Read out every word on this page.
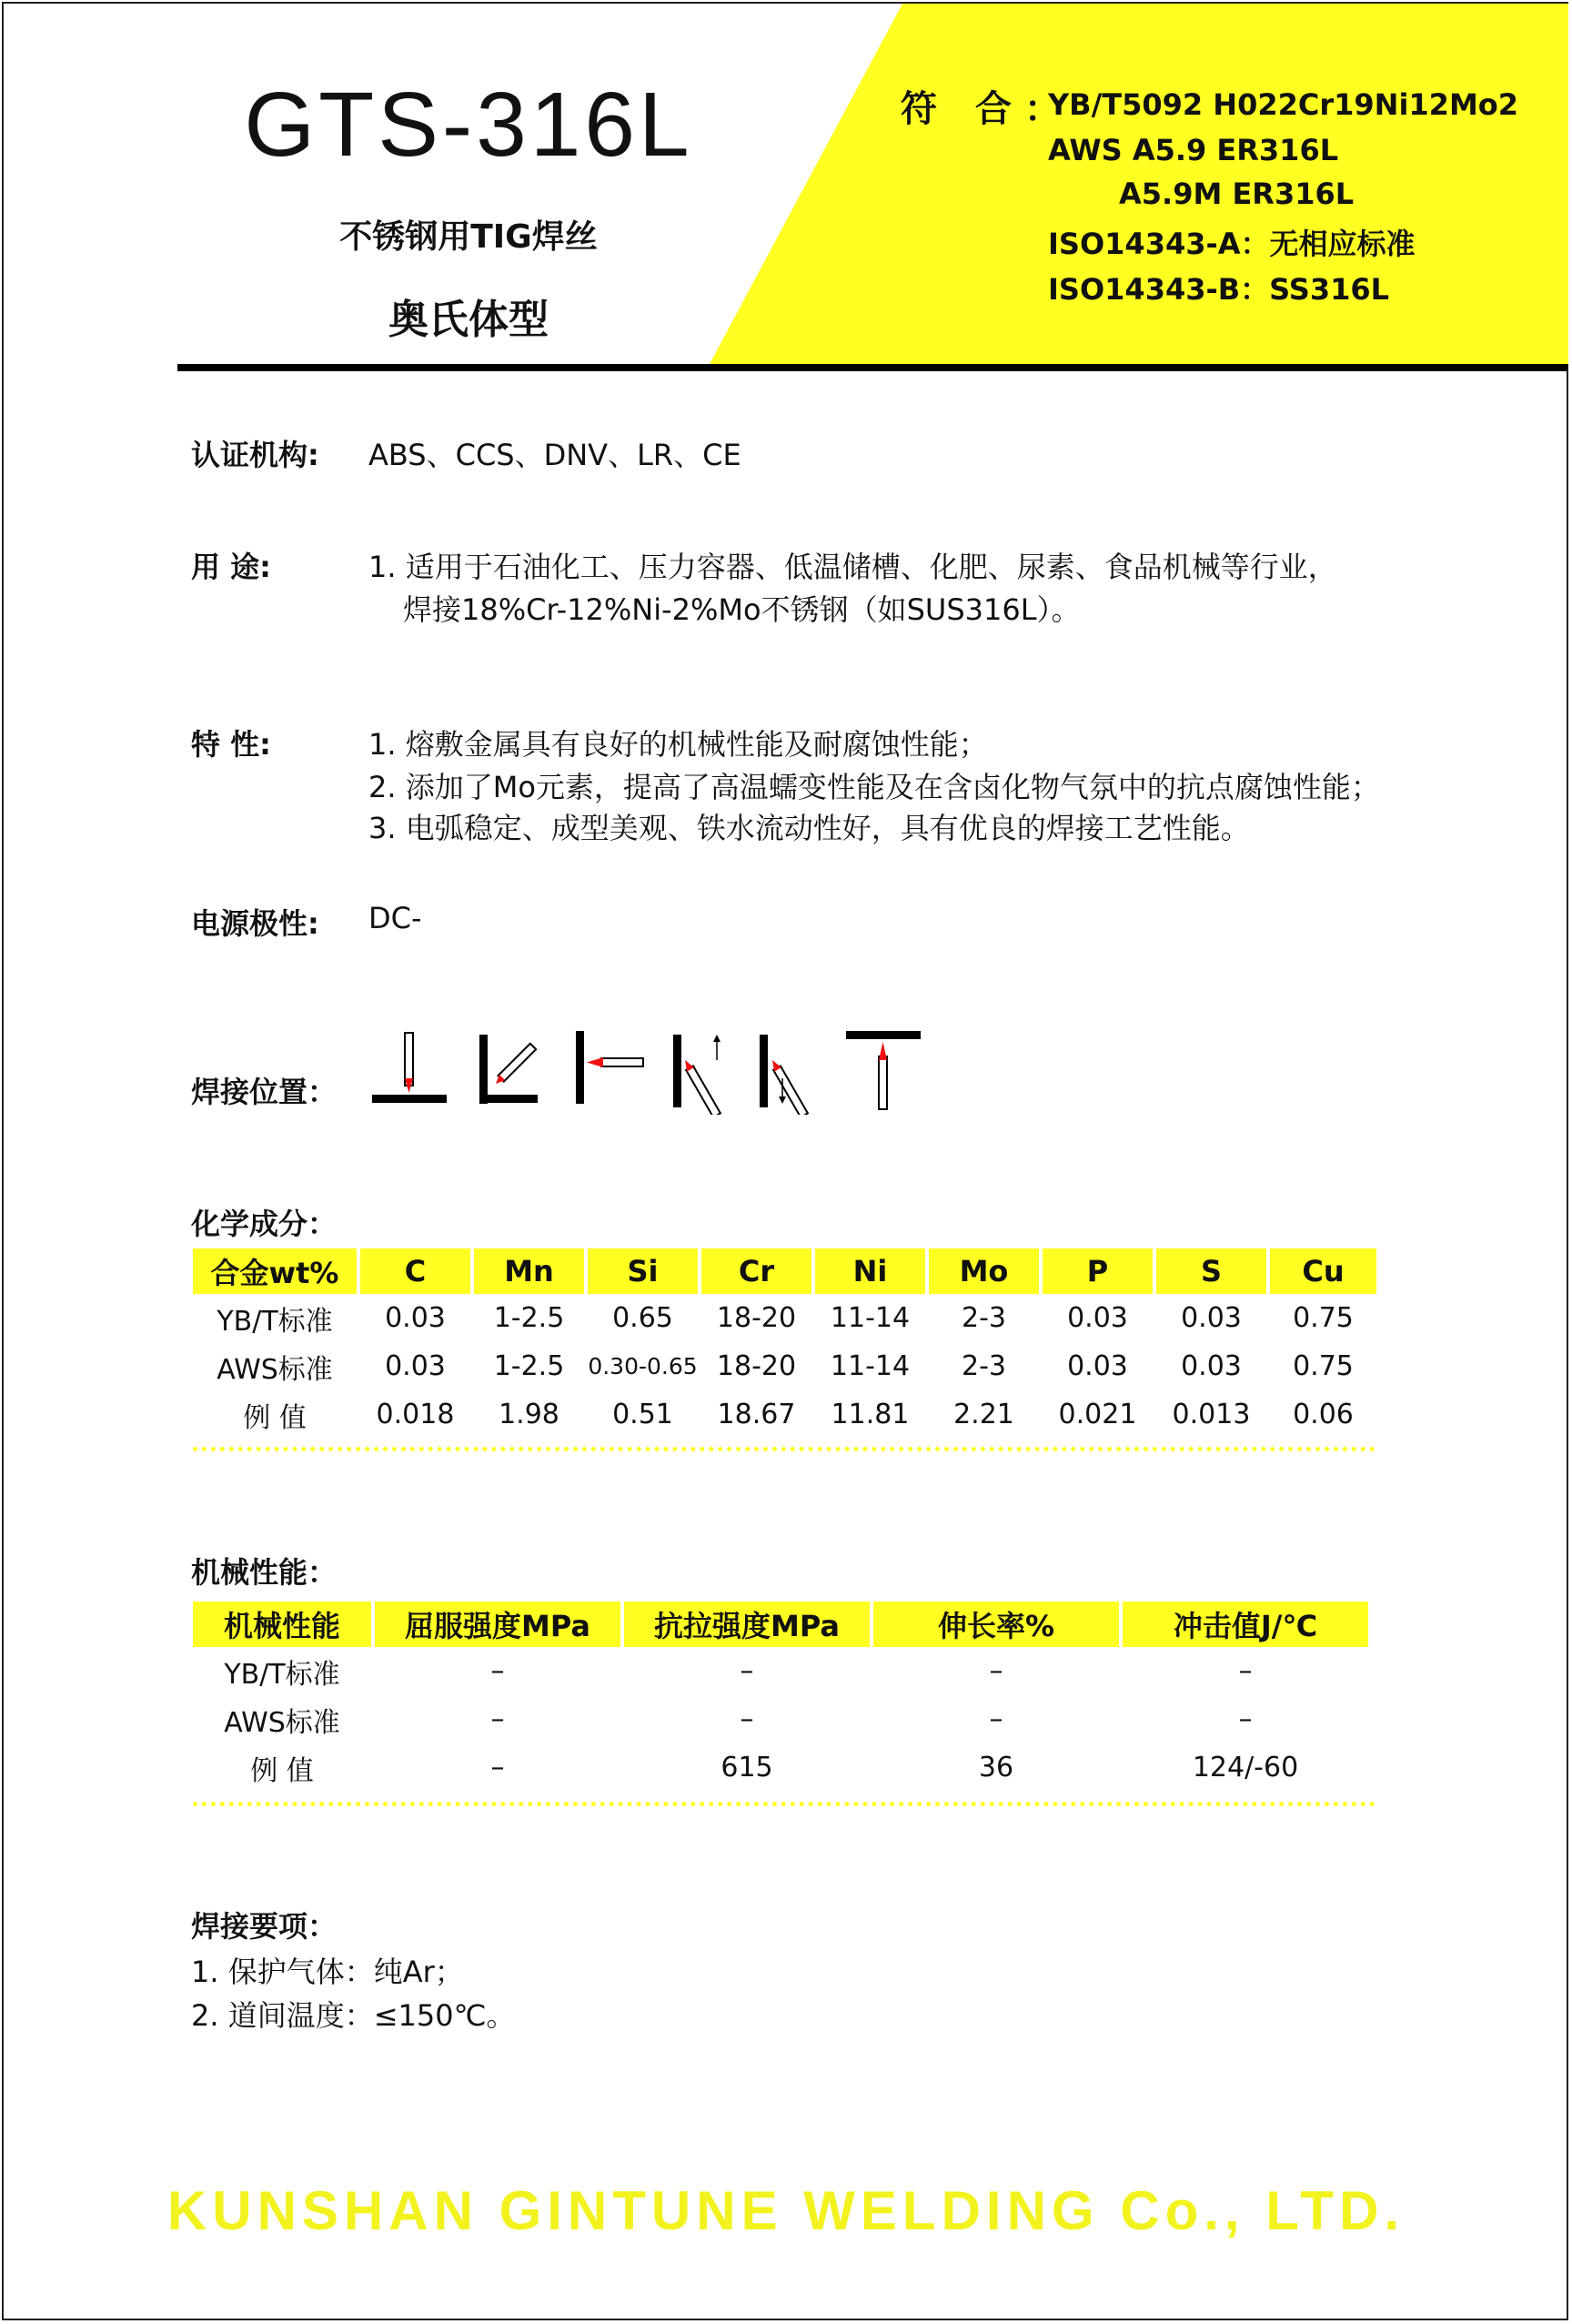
GTS-316L
不锈钢用TIG焊丝
奥氏体型
符 合：
YB/T5092 H022Cr19Ni12Mo2
AWS A5.9 ER316L
A5.9M ER316L
ISO14343-A：无相应标准
ISO14343-B：SS316L
认证机构: ABS、CCS、DNV、LR、CE
用 途:	1. 适用于石油化工、压力容器、低温储槽、化肥、尿素、食品机械等行业，
焊接18%Cr-12%Ni-2%Mo不锈钢（如SUS316L）。
特 性:	1. 熔敷金属具有良好的机械性能及耐腐蚀性能；
2. 添加了Mo元素，提高了高温蠕变性能及在含卤化物气氛中的抗点腐蚀性能；
3. 电弧稳定、成型美观、铁水流动性好，具有优良的焊接工艺性能。
电源极性: DC-
焊接位置：
化学成分：
合金wt%	C	Mn	Si	Cr	Ni	Mo	P	S	Cu
YB/T标准	0.03	1-2.5	0.65	18-20	11-14	2-3	0.03	0.03	0.75
AWS标准	0.03	1-2.5	0.30-0.65	18-20	11-14	2-3	0.03	0.03	0.75
例 值	0.018	1.98	0.51	18.67	11.81	2.21	0.021	0.013	0.06
机械性能：
机械性能	屈服强度MPa	抗拉强度MPa	伸长率%	冲击值J/℃
YB/T标准	–	–	–	–
AWS标准	–	–	–	–
例 值	–	615	36	124/-60
焊接要项：
1. 保护气体：纯Ar；
2. 道间温度：≤150℃。
KUNSHAN GINTUNE WELDING Co., LTD.
